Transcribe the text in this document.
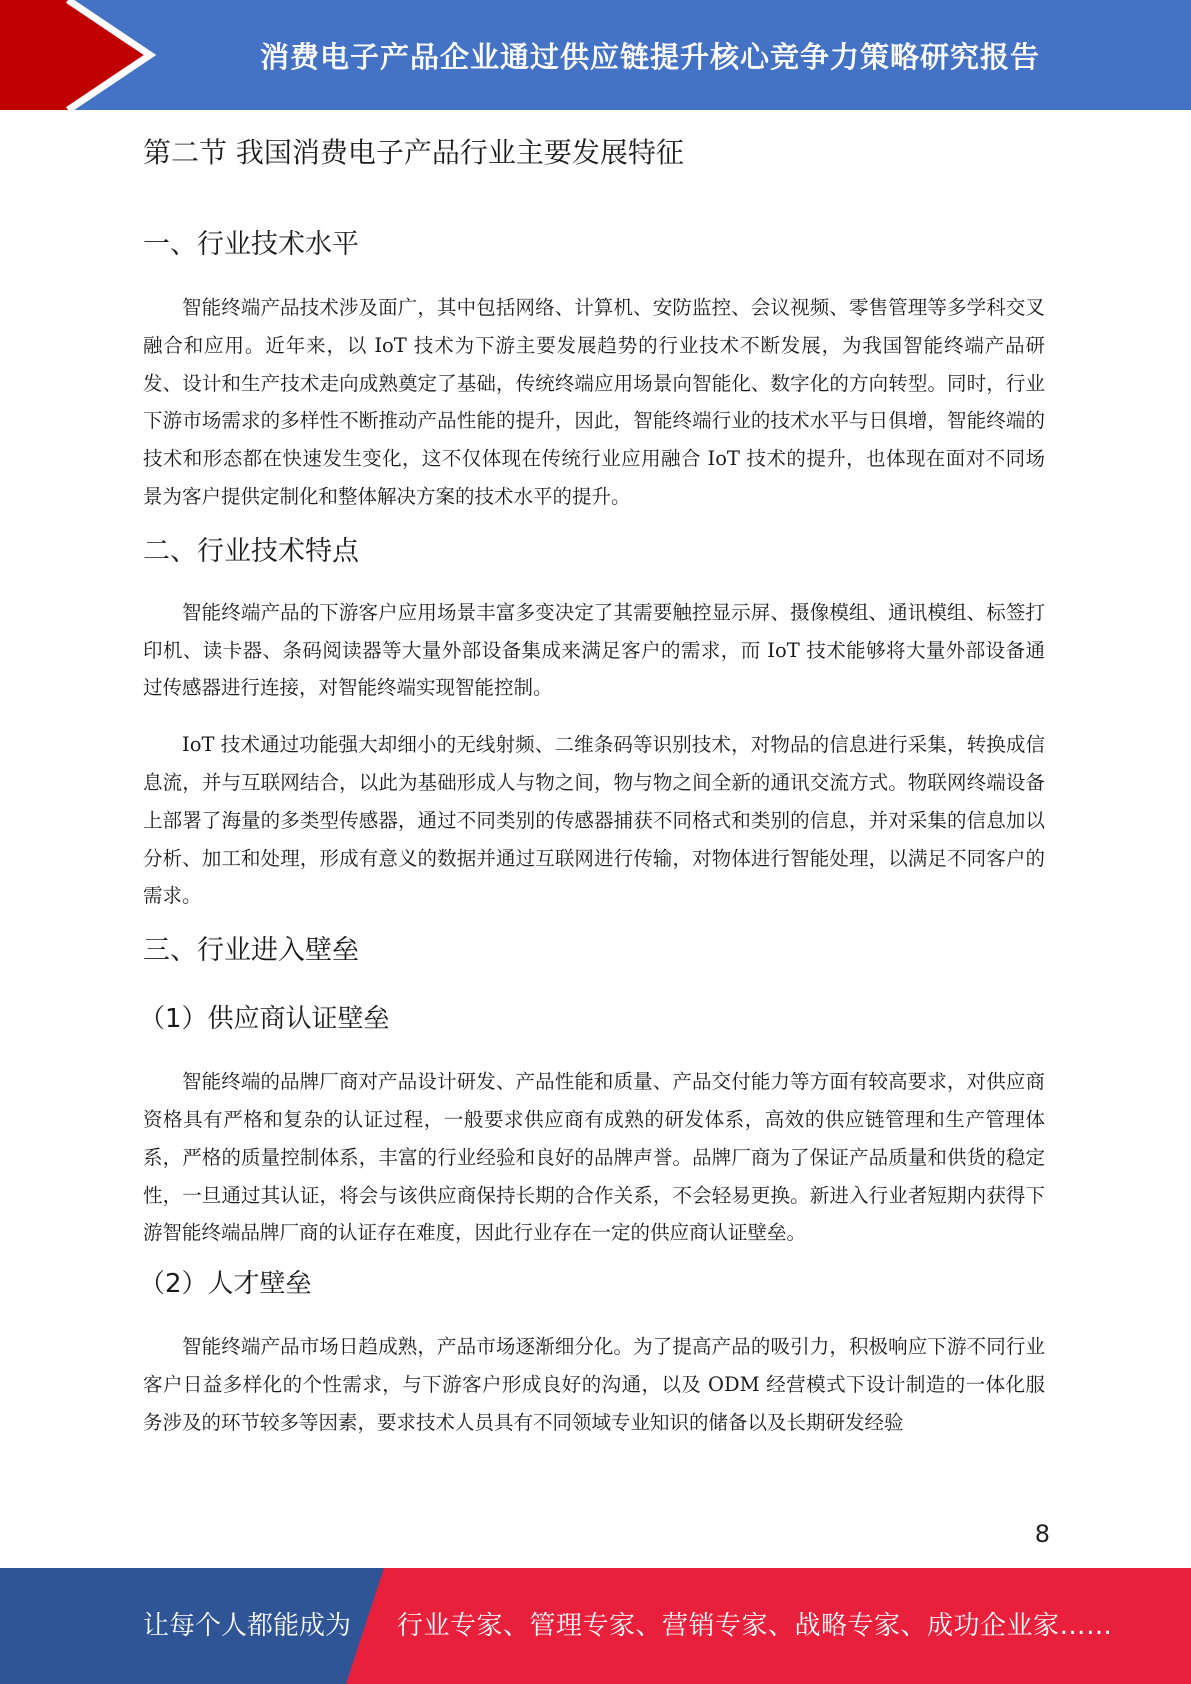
消费电子产品企业通过供应链提升核心竞争力策略研究报告
第二节 我国消费电子产品行业主要发展特征
一、行业技术水平

智能终端产品技术涉及面广，其中包括网络、计算机、安防监控、会议视频、零售管理等多学科交叉融合和应用。近年来，以 IoT 技术为下游主要发展趋势的行业技术不断发展，为我国智能终端产品研发、设计和生产技术走向成熟奠定了基础，传统终端应用场景向智能化、数字化的方向转型。同时，行业下游市场需求的多样性不断推动产品性能的提升，因此，智能终端行业的技术水平与日俱增，智能终端的技术和形态都在快速发生变化，这不仅体现在传统行业应用融合 IoT 技术的提升，也体现在面对不同场景为客户提供定制化和整体解决方案的技术水平的提升。

二、行业技术特点

智能终端产品的下游客户应用场景丰富多变决定了其需要触控显示屏、摄像模组、通讯模组、标签打印机、读卡器、条码阅读器等大量外部设备集成来满足客户的需求，而 IoT 技术能够将大量外部设备通过传感器进行连接，对智能终端实现智能控制。

IoT 技术通过功能强大却细小的无线射频、二维条码等识别技术，对物品的信息进行采集，转换成信息流，并与互联网结合，以此为基础形成人与物之间，物与物之间全新的通讯交流方式。物联网终端设备上部署了海量的多类型传感器，通过不同类别的传感器捕获不同格式和类别的信息，并对采集的信息加以分析、加工和处理，形成有意义的数据并通过互联网进行传输，对物体进行智能处理，以满足不同客户的需求。

三、行业进入壁垒
（1）供应商认证壁垒

智能终端的品牌厂商对产品设计研发、产品性能和质量、产品交付能力等方面有较高要求，对供应商资格具有严格和复杂的认证过程，一般要求供应商有成熟的研发体系，高效的供应链管理和生产管理体系，严格的质量控制体系，丰富的行业经验和良好的品牌声誉。品牌厂商为了保证产品质量和供货的稳定性，一旦通过其认证，将会与该供应商保持长期的合作关系，不会轻易更换。新进入行业者短期内获得下游智能终端品牌厂商的认证存在难度，因此行业存在一定的供应商认证壁垒。

（2）人才壁垒

智能终端产品市场日趋成熟，产品市场逐渐细分化。为了提高产品的吸引力，积极响应下游不同行业客户日益多样化的个性需求，与下游客户形成良好的沟通，以及 ODM 经营模式下设计制造的一体化服务涉及的环节较多等因素，要求技术人员具有不同领域专业知识的储备以及长期研发经验

8
让每个人都能成为 行业专家、管理专家、营销专家、战略专家、成功企业家……
